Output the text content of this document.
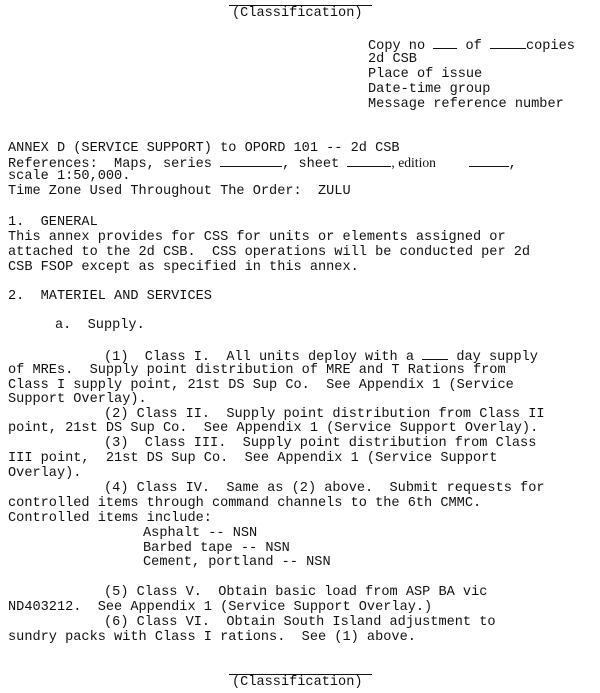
(Classification)
Copy no	of	copies
2d CSB
Place of issue
Date-time group
Message reference number
ANNEX D (SERVICE SUPPORT) to OPORD 101 -- 2d CSB
References:  Maps, series	, sheet	, edition	,
scale 1:50,000.
Time Zone Used Throughout The Order:  ZULU
1.  GENERAL
This annex provides for CSS for units or elements assigned or
attached to the 2d CSB.  CSS operations will be conducted per 2d
CSB FSOP except as specified in this annex.
2.  MATERIEL AND SERVICES
a.  Supply.
(1)  Class I.  All units deploy with a	day supply
of MREs.  Supply point distribution of MRE and T Rations from
Class I supply point, 21st DS Sup Co.  See Appendix 1 (Service
Support Overlay).
(2) Class II.  Supply point distribution from Class II
point, 21st DS Sup Co.  See Appendix 1 (Service Support Overlay).
(3)  Class III.  Supply point distribution from Class
III point,  21st DS Sup Co.  See Appendix 1 (Service Support
Overlay).
(4) Class IV.  Same as (2) above.  Submit requests for
controlled items through command channels to the 6th CMMC.
Controlled items include:
Asphalt -- NSN
Barbed tape -- NSN
Cement, portland -- NSN
(5) Class V.  Obtain basic load from ASP BA vic
ND403212.  See Appendix 1 (Service Support Overlay.)
(6) Class VI.  Obtain South Island adjustment to
sundry packs with Class I rations.  See (1) above.
(Classification)
